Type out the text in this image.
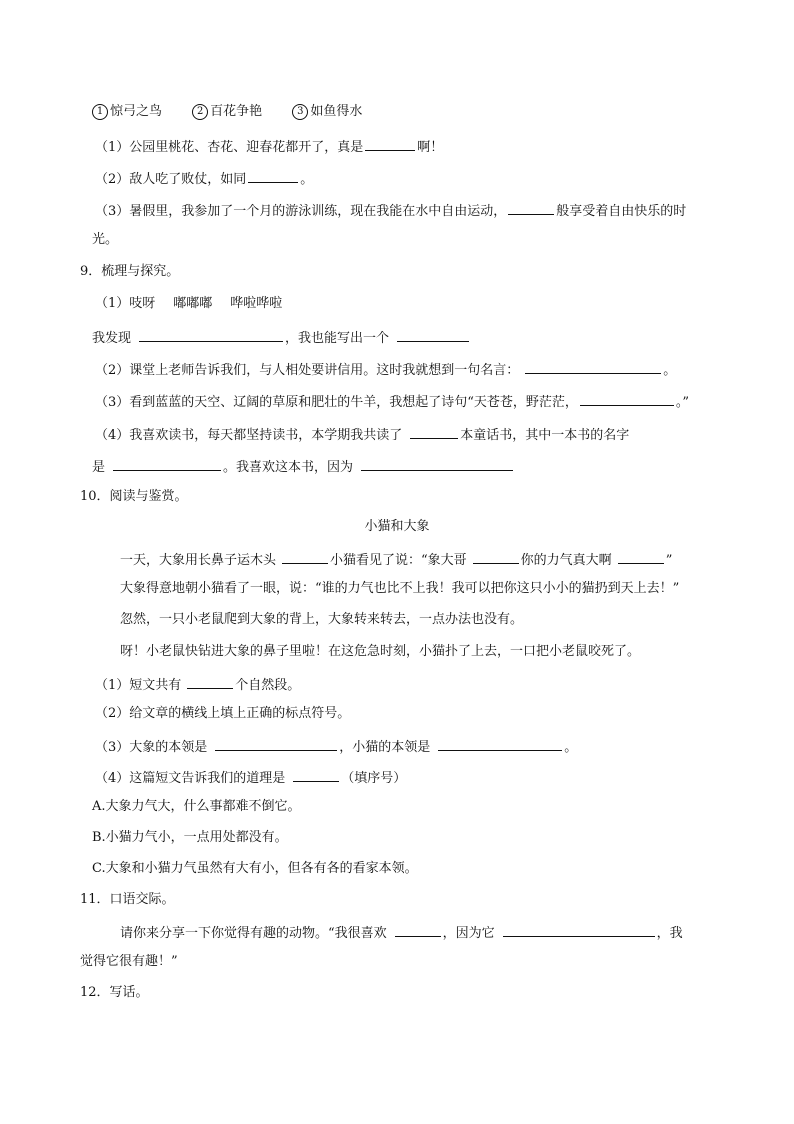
1 惊弓之鸟	2 百花争艳	3 如鱼得水
（1）公园里桃花、杏花、迎春花都开了，真是	啊！
（2）敌人吃了败仗，如同	。
（3）暑假里，我参加了一个月的游泳训练，现在我能在水中自由运动，	般享受着自由快乐的时
光。
9．梳理与探究。
（1）吱呀 嘟嘟嘟 哗啦哗啦
我发现	，我也能写出一个
（2）课堂上老师告诉我们，与人相处要讲信用。这时我就想到一句名言：	。
（3）看到蓝蓝的天空、辽阔的草原和肥壮的牛羊，我想起了诗句“天苍苍，野茫茫，	。”
（4）我喜欢读书，每天都坚持读书，本学期我共读了	本童话书，其中一本书的名字
是	。我喜欢这本书，因为
10．阅读与鉴赏。
小猫和大象
一天，大象用长鼻子运木头	小猫看见了说：“象大哥	你的力气真大啊	”
大象得意地朝小猫看了一眼，说：“谁的力气也比不上我！我可以把你这只小小的猫扔到天上去！”
忽然，一只小老鼠爬到大象的背上，大象转来转去，一点办法也没有。
呀！小老鼠快钻进大象的鼻子里啦！在这危急时刻，小猫扑了上去，一口把小老鼠咬死了。
（1）短文共有	个自然段。
（2）给文章的横线上填上正确的标点符号。
（3）大象的本领是	，小猫的本领是	。
（4）这篇短文告诉我们的道理是	（填序号）
A.大象力气大，什么事都难不倒它。
B.小猫力气小，一点用处都没有。
C.大象和小猫力气虽然有大有小，但各有各的看家本领。
11．口语交际。
请你来分享一下你觉得有趣的动物。“我很喜欢	，因为它	，我
觉得它很有趣！”
12．写话。
